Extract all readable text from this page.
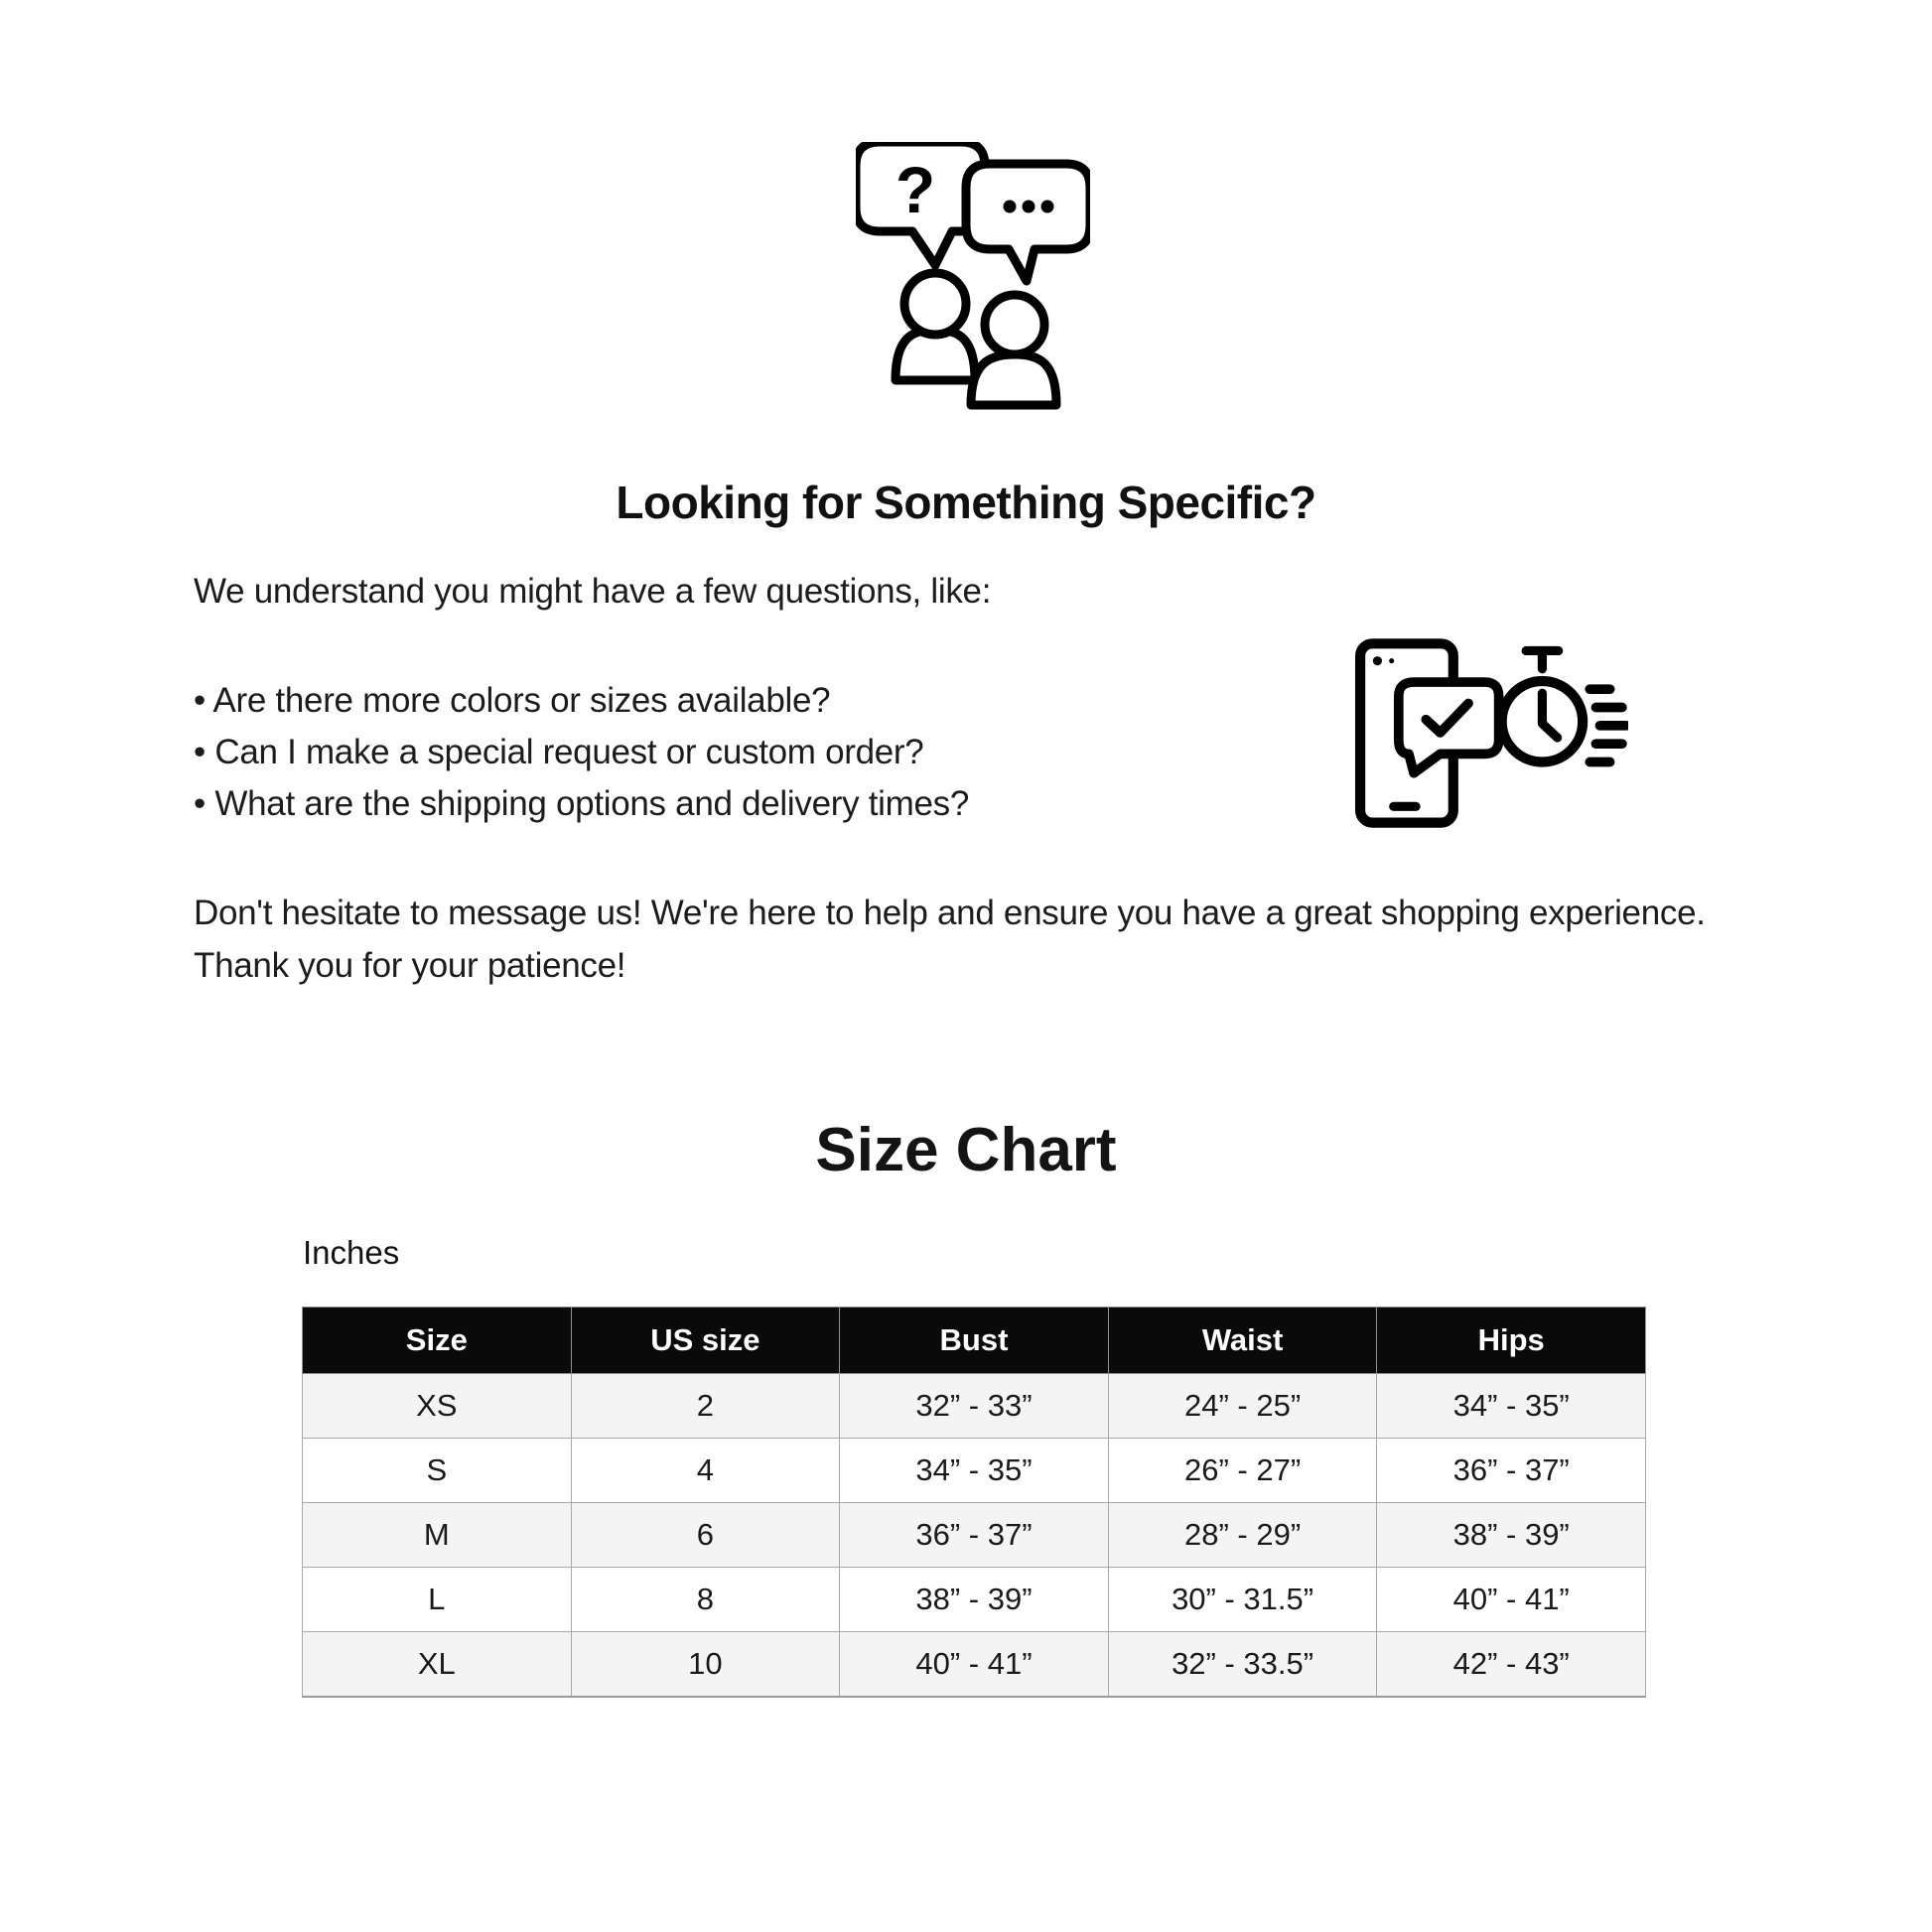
?
Looking for Something Specific?

We understand you might have a few questions, like:

• Are there more colors or sizes available?
• Can I make a special request or custom order?
• What are the shipping options and delivery times?

Don't hesitate to message us! We're here to help and ensure you have a great shopping experience. Thank you for your patience!

Size Chart
Inches
Size	US size	Bust	Waist	Hips
XS	2	32” - 33”	24” - 25”	34” - 35”
S	4	34” - 35”	26” - 27”	36” - 37”
M	6	36” - 37”	28” - 29”	38” - 39”
L	8	38” - 39”	30” - 31.5”	40” - 41”
XL	10	40” - 41”	32” - 33.5”	42” - 43”
